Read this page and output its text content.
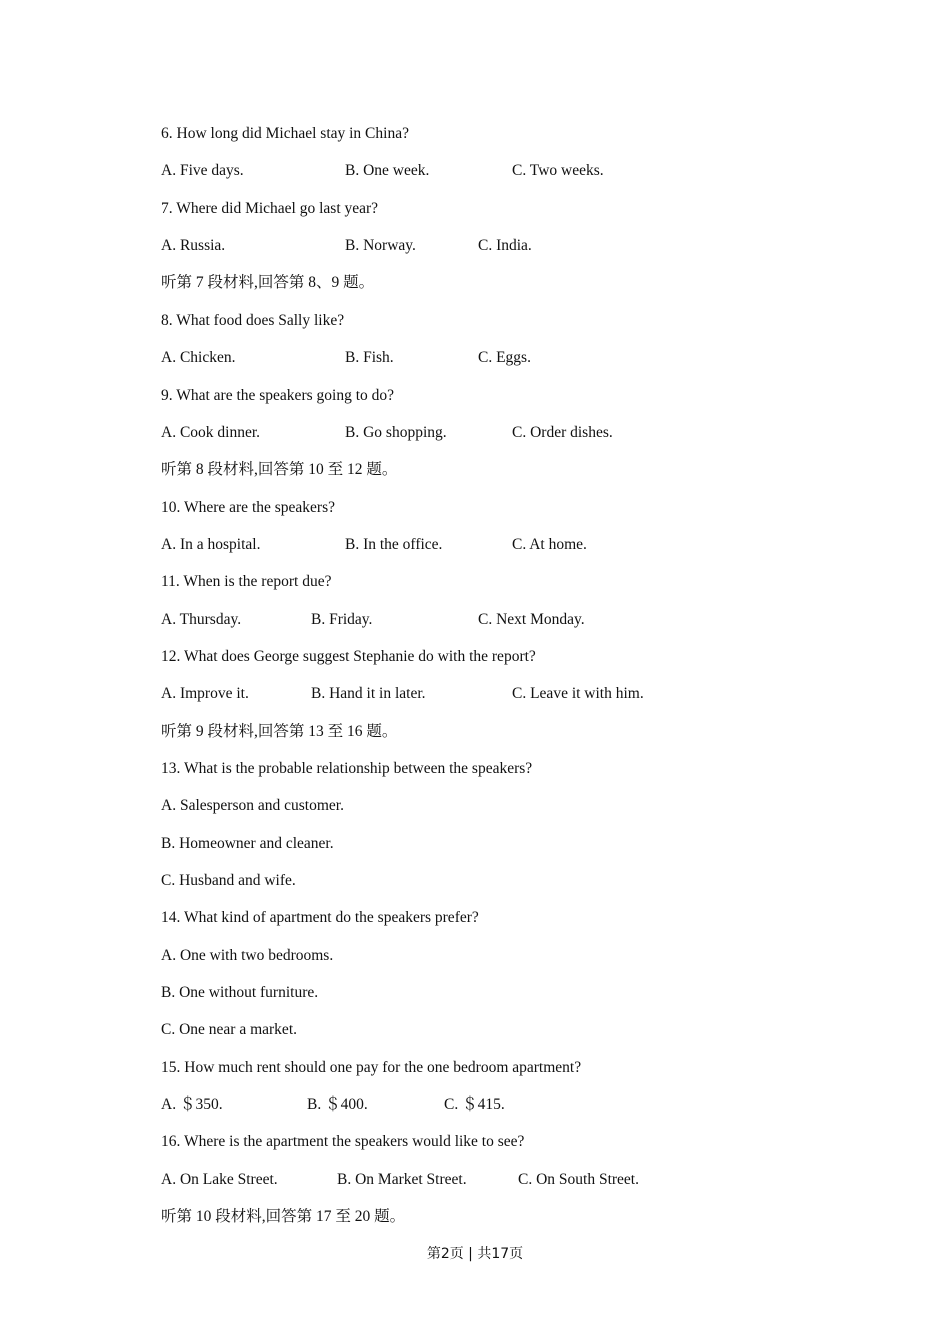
6. How long did Michael stay in China?
A. Five days.	B. One week.	C. Two weeks.
7. Where did Michael go last year?
A. Russia.	B. Norway.	C. India.
听第 7 段材料,回答第 8、9 题。
8. What food does Sally like?
A. Chicken.	B. Fish.	C. Eggs.
9. What are the speakers going to do?
A. Cook dinner.	B. Go shopping.	C. Order dishes.
听第 8 段材料,回答第 10 至 12 题。
10. Where are the speakers?
A. In a hospital.	B. In the office.	C. At home.
11. When is the report due?
A. Thursday.	B. Friday.	C. Next Monday.
12. What does George suggest Stephanie do with the report?
A. Improve it.	B. Hand it in later.	C. Leave it with him.
听第 9 段材料,回答第 13 至 16 题。
13. What is the probable relationship between the speakers?
A. Salesperson and customer.
B. Homeowner and cleaner.
C. Husband and wife.
14. What kind of apartment do the speakers prefer?
A. One with two bedrooms.
B. One without furniture.
C. One near a market.
15. How much rent should one pay for the one bedroom apartment?
A. ＄350.	B. ＄400.	C. ＄415.
16. Where is the apartment the speakers would like to see?
A. On Lake Street.	B. On Market Street.	C. On South Street.
听第 10 段材料,回答第 17 至 20 题。
第2页 | 共17页
